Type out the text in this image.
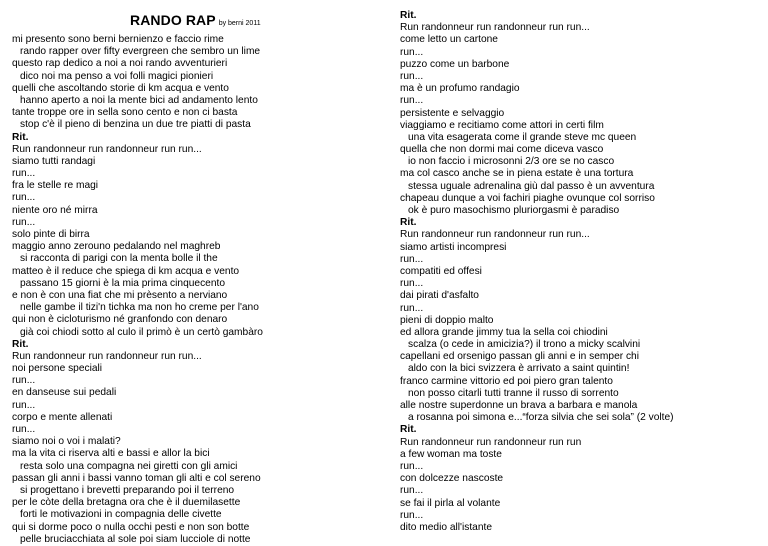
RANDO RAP by berni 2011
mi presento sono berni bernienzo e faccio rime
rando rapper over fifty evergreen che sembro un lime
questo rap dedico a noi a noi rando avventurieri
dico noi ma penso a voi folli magici pionieri
quelli che ascoltando storie di km acqua e vento
hanno aperto a noi la mente bici ad andamento lento
tante troppe ore in sella sono cento e non ci basta
stop c'è il pieno di benzina un due tre piatti di pasta
Rit.
Run randonneur run randonneur run run...
siamo tutti randagi
run...
fra le stelle re magi
run...
niente oro né mirra
run...
solo pinte di birra
maggio anno zerouno pedalando nel maghreb
si racconta di parigi con la menta bolle il the
matteo è il reduce che spiega di km acqua e vento
passano 15 giorni è la mia prima cinquecento
e non è con una fiat che mi prèsento a nerviano
nelle gambe il tizi'n tichka ma non ho creme per l'ano
qui non è cicloturismo né granfondo con denaro
già coi chiodi sotto al culo il primò è un certò gambàro
Rit.
Run randonneur run randonneur run run...
noi persone speciali
run...
en danseuse sui pedali
run...
corpo e mente allenati
run...
siamo noi o voi i malati?
ma la vita ci riserva alti e bassi e allor la bici
resta solo una compagna nei giretti con gli amici
passan gli anni i bassi vanno toman gli alti e col sereno
si progettano i brevetti preparando poi il terreno
per le còte della bretagna ora che è il duemilasette
forti le motivazioni in compagnia delle civette
qui si dorme poco o nulla occhi pesti e non son botte
pelle bruciacchiata al sole poi siam lucciole di notte
Rit.
Run randonneur run randonneur run run...
come letto un cartone
run...
puzzo come un barbone
run...
ma è un profumo randagio
run...
persistente e selvaggio
viaggiamo e recitiamo come attori in certi film
una vita esagerata come il grande steve mc queen
quella che non dormi mai come diceva vasco
io non faccio i microsonni 2/3 ore se no casco
ma col casco anche se in piena estate è una tortura
stessa uguale adrenalina giù dal passo è un avventura
chapeau dunque a voi fachiri piaghe ovunque col sorriso
ok è puro masochismo pluriorgasmi è paradiso
Rit.
Run randonneur run randonneur run run...
siamo artisti incompresi
run...
compatiti ed offesi
run...
dai pirati d'asfalto
run...
pieni di doppio malto
ed allora grande jimmy tua la sella coi chiodini
scalza (o cede in amicizia?) il trono a micky scalvini
capellani ed orsenigo passan gli anni e in semper chi
aldo con la bici svizzera è arrivato a saint quintin!
franco carmine vittorio ed poi piero gran talento
non posso citarli tutti tranne il russo di sorrento
alle nostre superdonne un brava a barbara e manola
a rosanna poi simona e...“forza silvia che sei sola” (2 volte)
Rit.
Run randonneur run randonneur run run
a few woman ma toste
run...
con dolcezze nascoste
run...
se fai il pirla al volante
run...
dito medio all'istante
